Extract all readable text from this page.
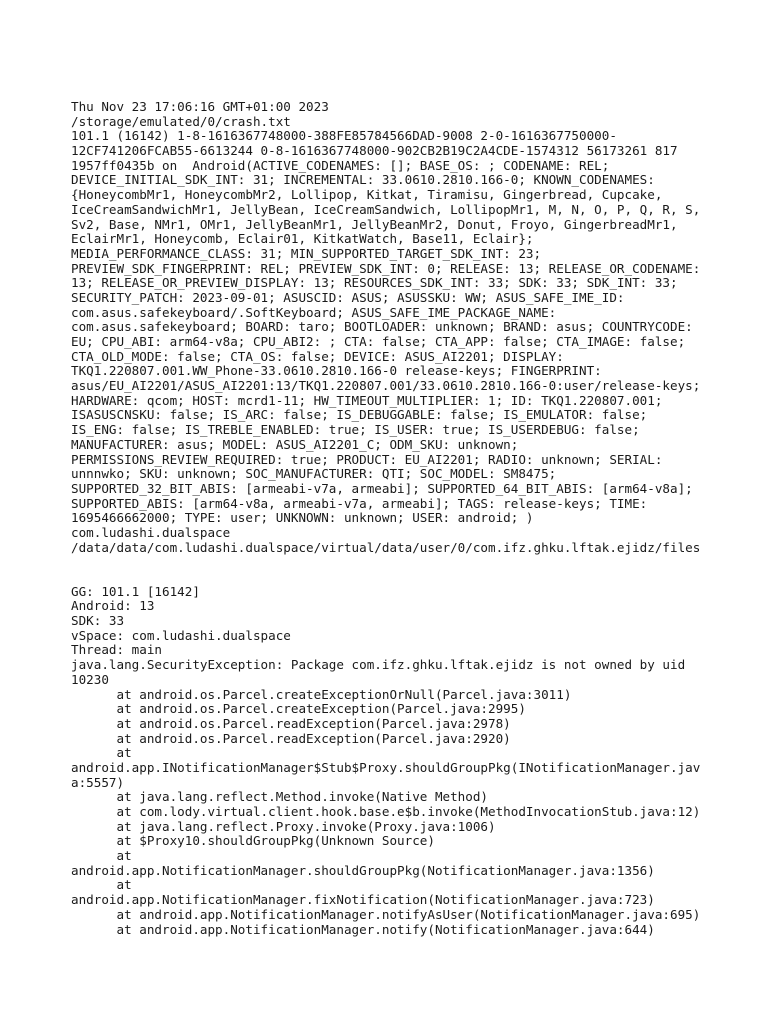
Thu Nov 23 17:06:16 GMT+01:00 2023
/storage/emulated/0/crash.txt
101.1 (16142) 1-8-1616367748000-388FE85784566DAD-9008 2-0-1616367750000-
12CF741206FCAB55-6613244 0-8-1616367748000-902CB2B19C2A4CDE-1574312 56173261 817
1957ff0435b on  Android(ACTIVE_CODENAMES: []; BASE_OS: ; CODENAME: REL;
DEVICE_INITIAL_SDK_INT: 31; INCREMENTAL: 33.0610.2810.166-0; KNOWN_CODENAMES:
{HoneycombMr1, HoneycombMr2, Lollipop, Kitkat, Tiramisu, Gingerbread, Cupcake,
IceCreamSandwichMr1, JellyBean, IceCreamSandwich, LollipopMr1, M, N, O, P, Q, R, S,
Sv2, Base, NMr1, OMr1, JellyBeanMr1, JellyBeanMr2, Donut, Froyo, GingerbreadMr1,
EclairMr1, Honeycomb, Eclair01, KitkatWatch, Base11, Eclair};
MEDIA_PERFORMANCE_CLASS: 31; MIN_SUPPORTED_TARGET_SDK_INT: 23;
PREVIEW_SDK_FINGERPRINT: REL; PREVIEW_SDK_INT: 0; RELEASE: 13; RELEASE_OR_CODENAME:
13; RELEASE_OR_PREVIEW_DISPLAY: 13; RESOURCES_SDK_INT: 33; SDK: 33; SDK_INT: 33;
SECURITY_PATCH: 2023-09-01; ASUSCID: ASUS; ASUSSKU: WW; ASUS_SAFE_IME_ID:
com.asus.safekeyboard/.SoftKeyboard; ASUS_SAFE_IME_PACKAGE_NAME:
com.asus.safekeyboard; BOARD: taro; BOOTLOADER: unknown; BRAND: asus; COUNTRYCODE:
EU; CPU_ABI: arm64-v8a; CPU_ABI2: ; CTA: false; CTA_APP: false; CTA_IMAGE: false;
CTA_OLD_MODE: false; CTA_OS: false; DEVICE: ASUS_AI2201; DISPLAY:
TKQ1.220807.001.WW_Phone-33.0610.2810.166-0 release-keys; FINGERPRINT:
asus/EU_AI2201/ASUS_AI2201:13/TKQ1.220807.001/33.0610.2810.166-0:user/release-keys;
HARDWARE: qcom; HOST: mcrd1-11; HW_TIMEOUT_MULTIPLIER: 1; ID: TKQ1.220807.001;
ISASUSCNSKU: false; IS_ARC: false; IS_DEBUGGABLE: false; IS_EMULATOR: false;
IS_ENG: false; IS_TREBLE_ENABLED: true; IS_USER: true; IS_USERDEBUG: false;
MANUFACTURER: asus; MODEL: ASUS_AI2201_C; ODM_SKU: unknown;
PERMISSIONS_REVIEW_REQUIRED: true; PRODUCT: EU_AI2201; RADIO: unknown; SERIAL:
unnnwko; SKU: unknown; SOC_MANUFACTURER: QTI; SOC_MODEL: SM8475;
SUPPORTED_32_BIT_ABIS: [armeabi-v7a, armeabi]; SUPPORTED_64_BIT_ABIS: [arm64-v8a];
SUPPORTED_ABIS: [arm64-v8a, armeabi-v7a, armeabi]; TAGS: release-keys; TIME:
1695466662000; TYPE: user; UNKNOWN: unknown; USER: android; )
com.ludashi.dualspace
/data/data/com.ludashi.dualspace/virtual/data/user/0/com.ifz.ghku.lftak.ejidz/files
GG: 101.1 [16142]
Android: 13
SDK: 33
vSpace: com.ludashi.dualspace
Thread: main
java.lang.SecurityException: Package com.ifz.ghku.lftak.ejidz is not owned by uid
10230
at android.os.Parcel.createExceptionOrNull(Parcel.java:3011)
at android.os.Parcel.createException(Parcel.java:2995)
at android.os.Parcel.readException(Parcel.java:2978)
at android.os.Parcel.readException(Parcel.java:2920)
at
android.app.INotificationManager$Stub$Proxy.shouldGroupPkg(INotificationManager.jav
a:5557)
at java.lang.reflect.Method.invoke(Native Method)
at com.lody.virtual.client.hook.base.e$b.invoke(MethodInvocationStub.java:12)
at java.lang.reflect.Proxy.invoke(Proxy.java:1006)
at $Proxy10.shouldGroupPkg(Unknown Source)
at
android.app.NotificationManager.shouldGroupPkg(NotificationManager.java:1356)
at
android.app.NotificationManager.fixNotification(NotificationManager.java:723)
at android.app.NotificationManager.notifyAsUser(NotificationManager.java:695)
at android.app.NotificationManager.notify(NotificationManager.java:644)
